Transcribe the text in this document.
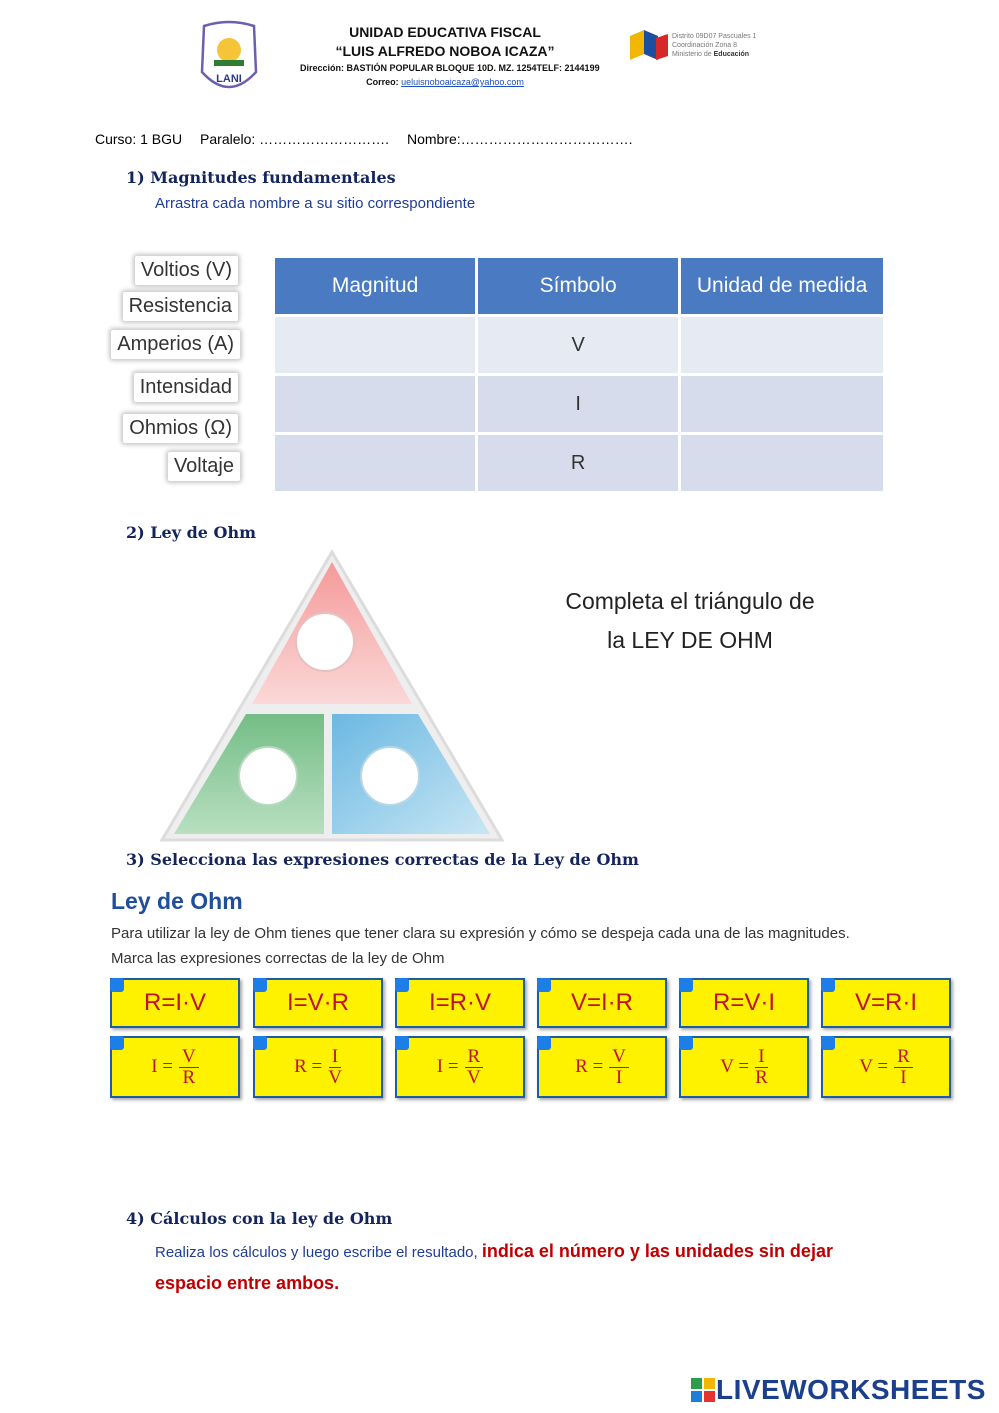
LANI
UNIDAD EDUCATIVA FISCAL
“LUIS ALFREDO NOBOA ICAZA”
Dirección: BASTIÓN POPULAR BLOQUE 10D. MZ. 1254TELF: 2144199
Correo: ueluisnoboaicaza@yahoo.com
Distrito 09D07 Pascuales 1
Coordinación Zona 8
Ministerio de Educación
Curso: 1 BGU Paralelo: ………………………. Nombre:……………………………….
1) Magnitudes fundamentales
Arrastra cada nombre a su sitio correspondiente
Voltios (V)
Resistencia
Amperios (A)
Intensidad
Ohmios (Ω)
Voltaje
Magnitud	Símbolo	Unidad de medida
	V	
	I	
	R	
2) Ley de Ohm
Completa el triángulo de
la LEY DE OHM
3) Selecciona las expresiones correctas de la Ley de Ohm
Ley de Ohm
Para utilizar la ley de Ohm tienes que tener clara su expresión y cómo se despeja cada una de las magnitudes.
Marca las expresiones correctas de la ley de Ohm
R=I·V	I=V·R	I=R·V	V=I·R	R=V·I	V=R·I
$I = \frac{V}{R}$	$R = \frac{I}{V}$	$I = \frac{R}{V}$	$R = \frac{V}{I}$	$V = \frac{I}{R}$	$V = \frac{R}{I}$
4) Cálculos con la ley de Ohm
Realiza los cálculos y luego escribe el resultado, indica el número y las unidades sin dejar espacio entre ambos.
LIVEWORKSHEETS
